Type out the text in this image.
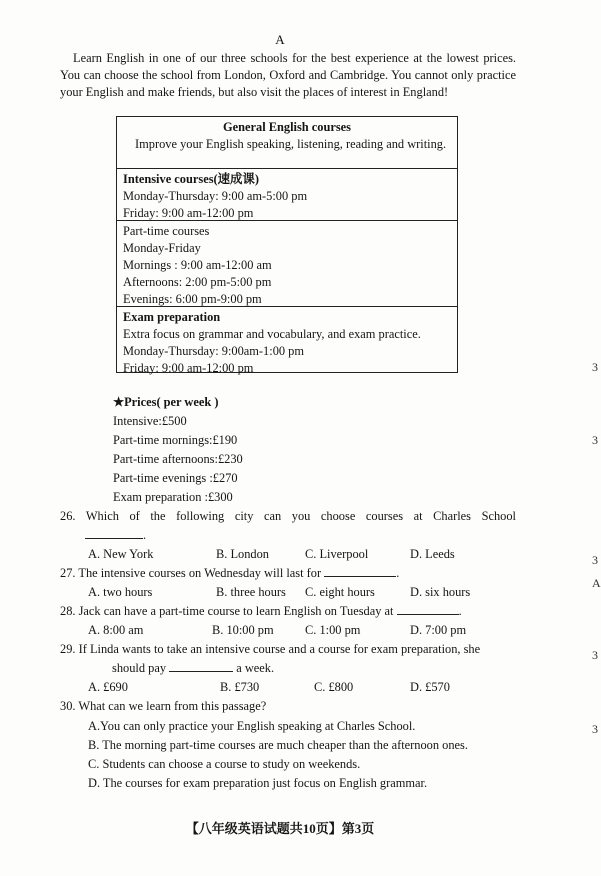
A

Learn English in one of our three schools for the best experience at the lowest prices. You can choose the school from London, Oxford and Cambridge. You cannot only practice your English and make friends, but also visit the places of interest in England!

General English courses
Improve your English speaking, listening, reading and writing.
Intensive courses(速成课)
Monday-Thursday: 9:00 am-5:00 pm
Friday: 9:00 am-12:00 pm
Part-time courses
Monday-Friday
Mornings : 9:00 am-12:00 am
Afternoons: 2:00 pm-5:00 pm
Evenings: 6:00 pm-9:00 pm
Exam preparation
Extra focus on grammar and vocabulary, and exam practice.
Monday-Thursday: 9:00am-1:00 pm
Friday: 9:00 am-12:00 pm
★Prices( per week )
Intensive:£500
Part-time mornings:£190
Part-time afternoons:£230
Part-time evenings :£270
Exam preparation :£300
26. Which of the following city can you choose courses at Charles School
.
A. New York	B. London	C. Liverpool	D. Leeds
27. The intensive courses on Wednesday will last for	.
A. two hours	B. three hours C. eight hours	D. six hours
28. Jack can have a part-time course to learn English on Tuesday at	.
A. 8:00 am	B. 10:00 pm	C. 1:00 pm	D. 7:00 pm
29. If Linda wants to take an intensive course and a course for exam preparation, she
should pay	a week.
A. £690	B. £730	C. £800	D. £570
30. What can we learn from this passage?
A.You can only practice your English speaking at Charles School.
B. The morning part-time courses are much cheaper than the afternoon ones.
C. Students can choose a course to study on weekends.
D. The courses for exam preparation just focus on English grammar.
【八年级英语试题共10页】第3页
3
3
3
A
3
3
